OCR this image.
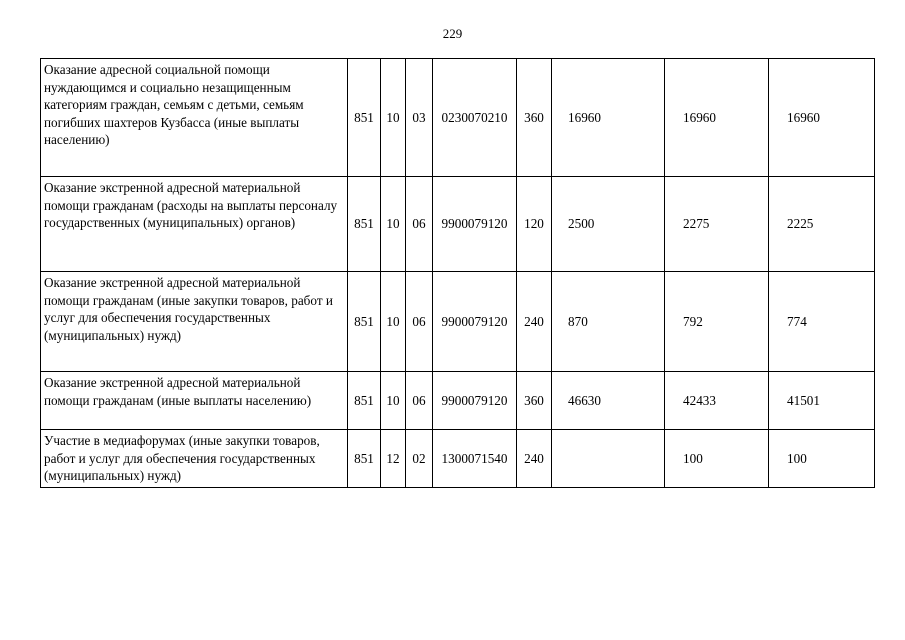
229
Оказание адресной социальной помощи нуждающимся и социально незащищенным категориям граждан, семьям с детьми, семьям погибших шахтеров Кузбасса (иные выплаты населению)	851	10	03	0230070210	360	16960	16960	16960
Оказание экстренной адресной материальной помощи гражданам (расходы на выплаты персоналу государственных (муниципальных) органов)	851	10	06	9900079120	120	2500	2275	2225
Оказание экстренной адресной материальной помощи гражданам (иные закупки товаров, работ и услуг для обеспечения государственных (муниципальных) нужд)	851	10	06	9900079120	240	870	792	774
Оказание экстренной адресной материальной помощи гражданам (иные выплаты населению)	851	10	06	9900079120	360	46630	42433	41501
Участие в медиафорумах (иные закупки товаров, работ и услуг для обеспечения государственных (муниципальных) нужд)	851	12	02	1300071540	240		100	100
